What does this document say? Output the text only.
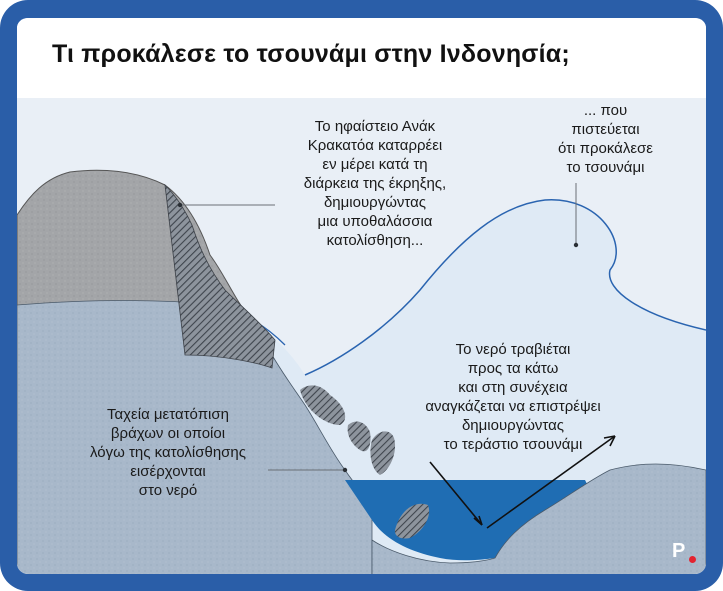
Τι προκάλεσε το τσουνάμι στην Ινδονησία;
Το ηφαίστειο Ανάκ
Κρακατόα καταρρέει
εν μέρει κατά τη
διάρκεια της έκρηξης,
δημιουργώντας
μια υποθαλάσσια
κατολίσθηση...
... που
πιστεύεται
ότι προκάλεσε
το τσουνάμι
Το νερό τραβιέται
προς τα κάτω
και στη συνέχεια
αναγκάζεται να επιστρέψει
δημιουργώντας
το τεράστιο τσουνάμι
Ταχεία μετατόπιση
βράχων οι οποίοι
λόγω της κατολίσθησης
εισέρχονται
στο νερό
P
